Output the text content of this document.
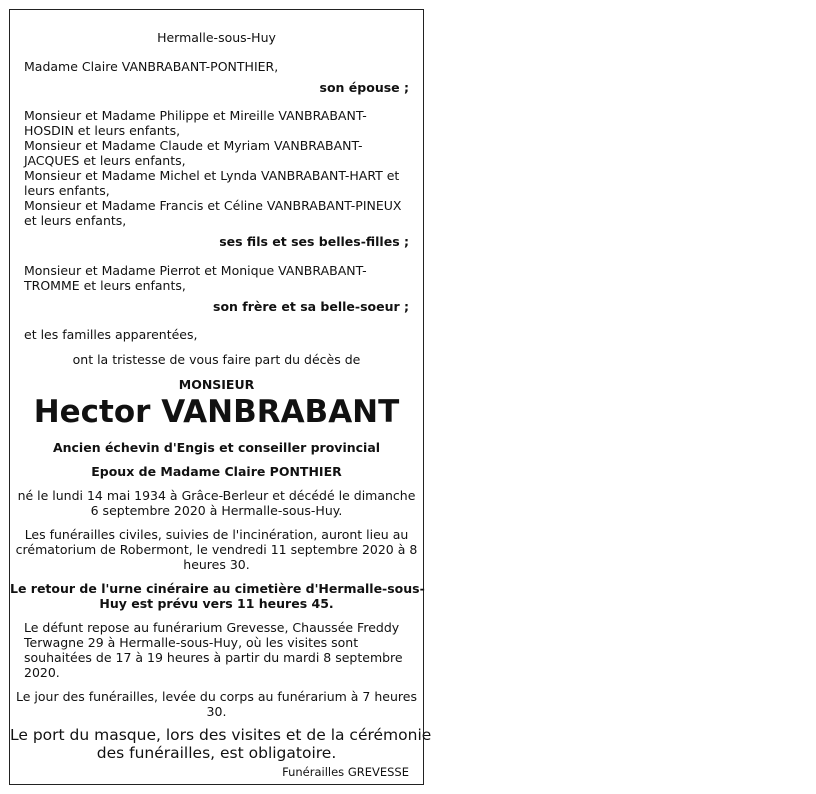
Hermalle-sous-Huy
Madame Claire VANBRABANT-PONTHIER,
son épouse ;
Monsieur et Madame Philippe et Mireille VANBRABANT-
HOSDIN et leurs enfants,
Monsieur et Madame Claude et Myriam VANBRABANT-
JACQUES et leurs enfants,
Monsieur et Madame Michel et Lynda VANBRABANT-HART et
leurs enfants,
Monsieur et Madame Francis et Céline VANBRABANT-PINEUX
et leurs enfants,
ses fils et ses belles-filles ;
Monsieur et Madame Pierrot et Monique VANBRABANT-
TROMME et leurs enfants,
son frère et sa belle-soeur ;
et les familles apparentées,
ont la tristesse de vous faire part du décès de
MONSIEUR
Hector VANBRABANT
Ancien échevin d'Engis et conseiller provincial
Epoux de Madame Claire PONTHIER
né le lundi 14 mai 1934 à Grâce-Berleur et décédé le dimanche
6 septembre 2020 à Hermalle-sous-Huy.
Les funérailles civiles, suivies de l'incinération, auront lieu au
crématorium de Robermont, le vendredi 11 septembre 2020 à 8
heures 30.
Le retour de l'urne cinéraire au cimetière d'Hermalle-sous-
Huy est prévu vers 11 heures 45.
Le défunt repose au funérarium Grevesse, Chaussée Freddy
Terwagne 29 à Hermalle-sous-Huy, où les visites sont
souhaitées de 17 à 19 heures à partir du mardi 8 septembre
2020.
Le jour des funérailles, levée du corps au funérarium à 7 heures
30.
Le port du masque, lors des visites et de la cérémonie
des funérailles, est obligatoire.
Funérailles GREVESSE
